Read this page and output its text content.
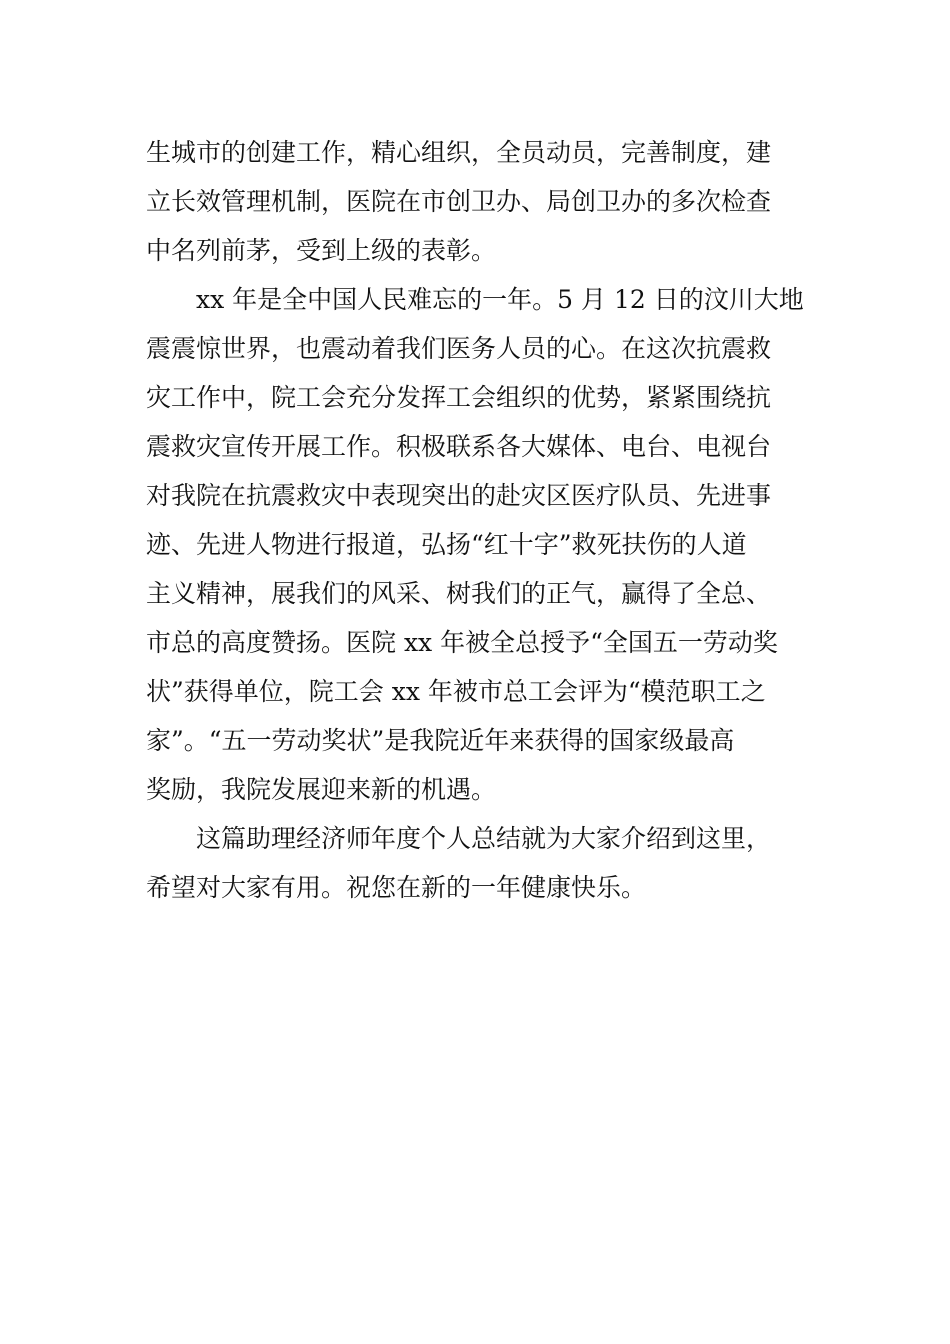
生城市的创建工作，精心组织，全员动员，完善制度，建
立长效管理机制，医院在市创卫办、局创卫办的多次检查
中名列前茅，受到上级的表彰。
　　xx 年是全中国人民难忘的一年。5 月 12 日的汶川大地
震震惊世界，也震动着我们医务人员的心。在这次抗震救
灾工作中，院工会充分发挥工会组织的优势，紧紧围绕抗
震救灾宣传开展工作。积极联系各大媒体、电台、电视台
对我院在抗震救灾中表现突出的赴灾区医疗队员、先进事
迹、先进人物进行报道，弘扬“红十字”救死扶伤的人道
主义精神，展我们的风采、树我们的正气，赢得了全总、
市总的高度赞扬。医院 xx 年被全总授予“全国五一劳动奖
状”获得单位，院工会 xx 年被市总工会评为“模范职工之
家”。“五一劳动奖状”是我院近年来获得的国家级最高
奖励，我院发展迎来新的机遇。
　　这篇助理经济师年度个人总结就为大家介绍到这里，
希望对大家有用。祝您在新的一年健康快乐。
